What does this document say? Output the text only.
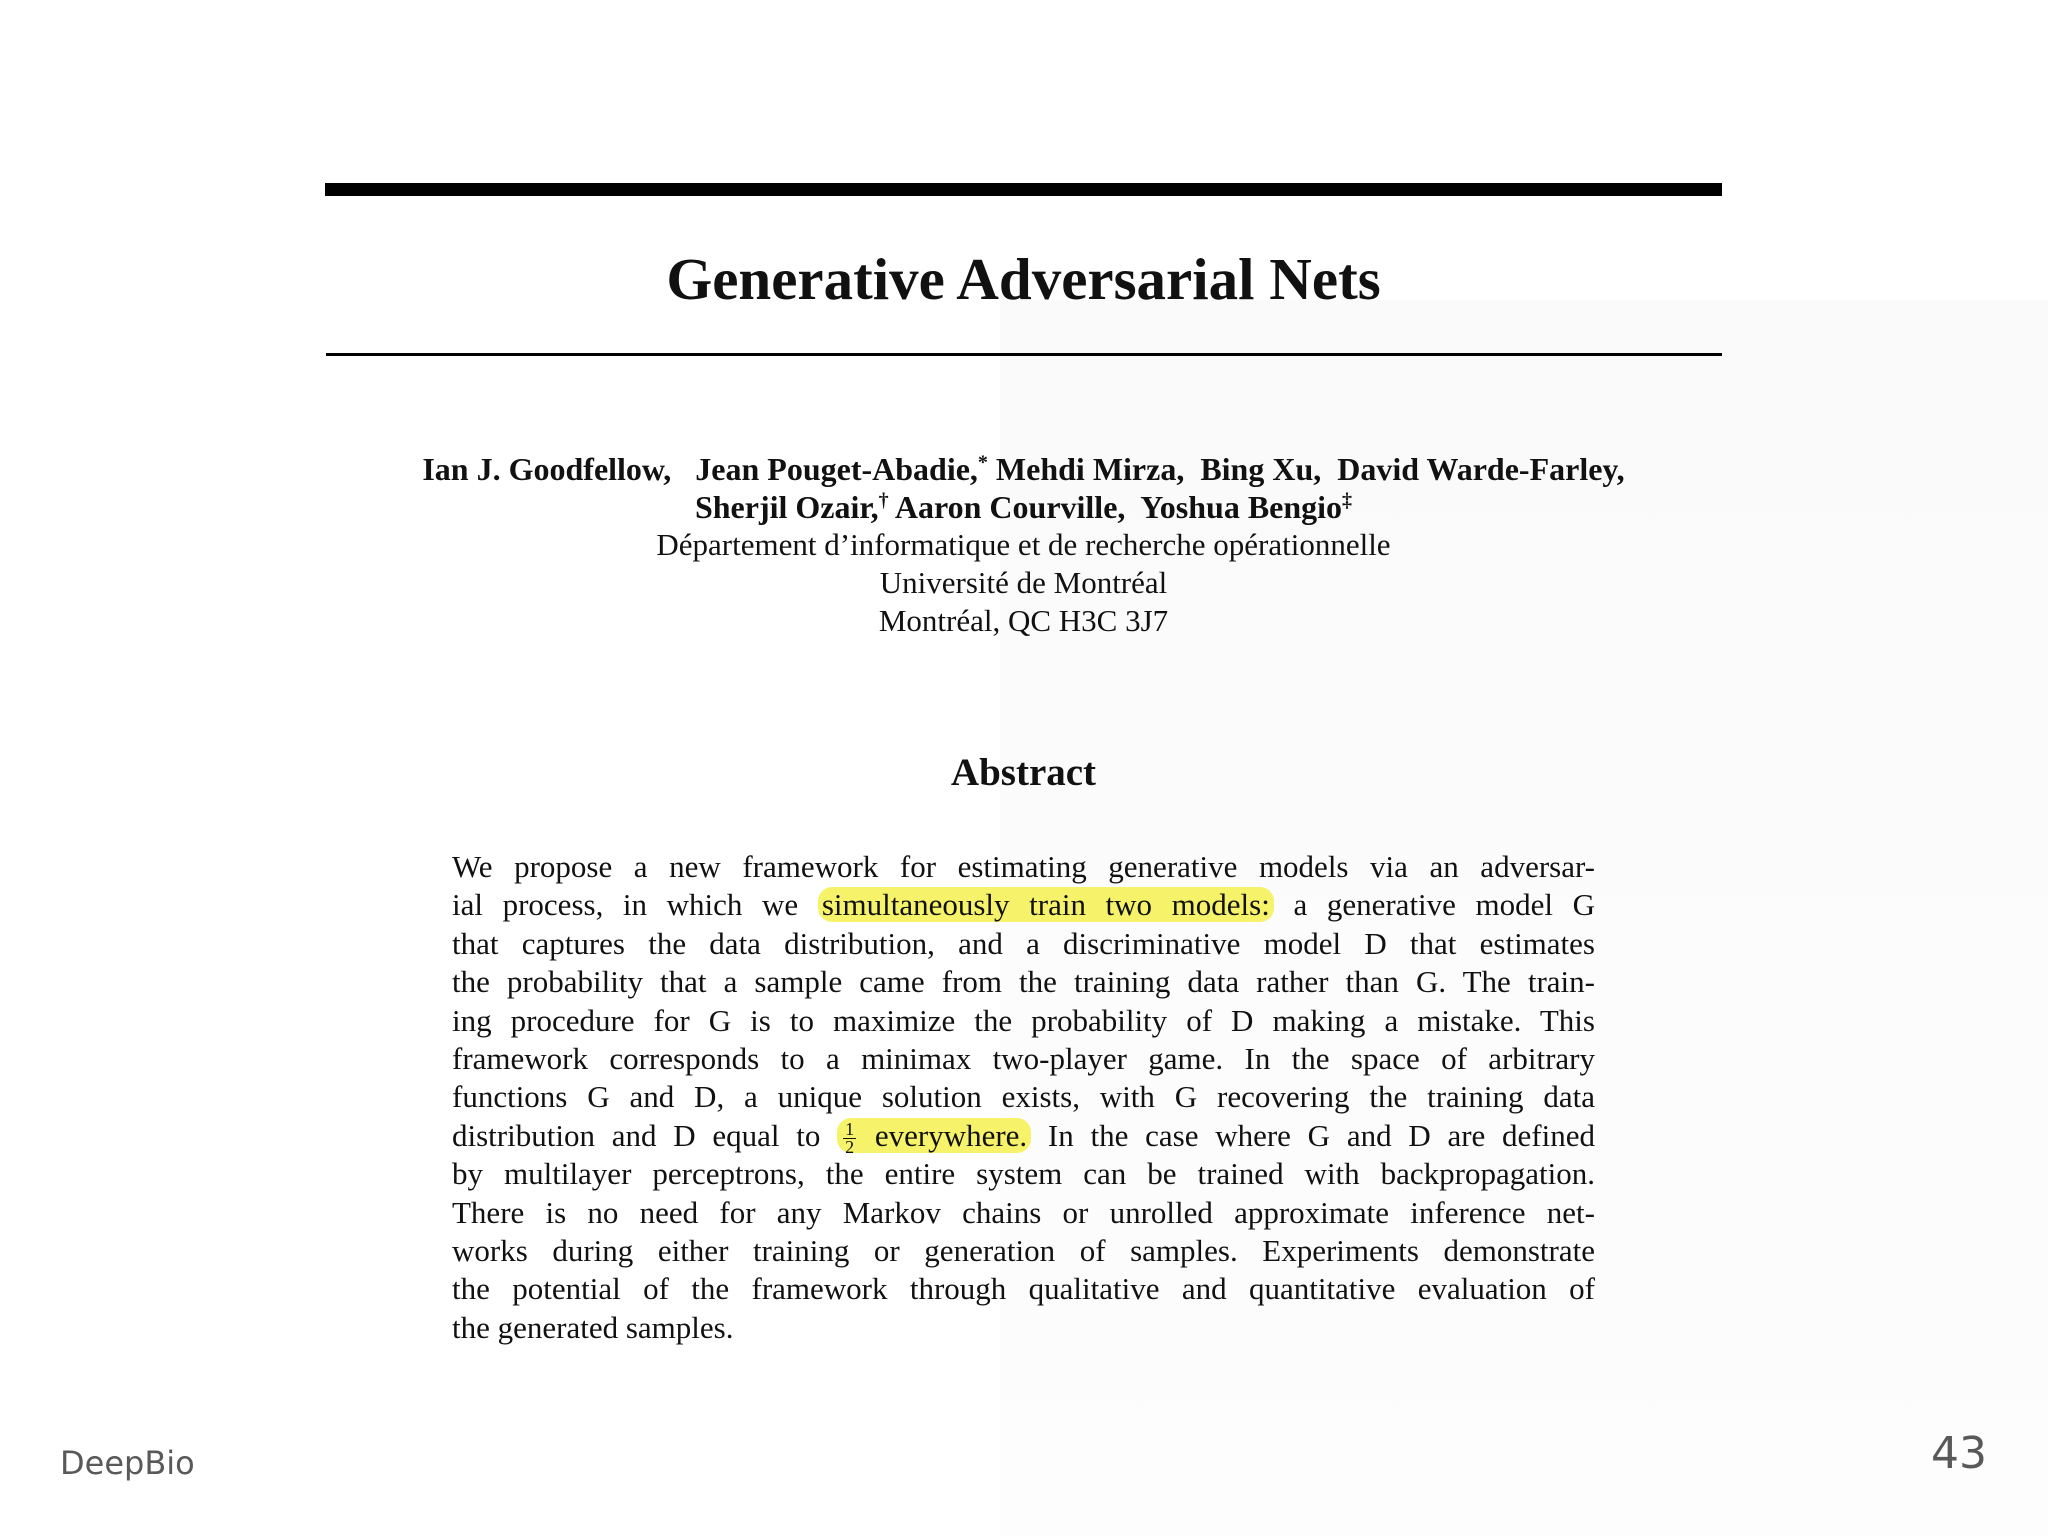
Generative Adversarial Nets
Ian J. Goodfellow, Jean Pouget-Abadie,* Mehdi Mirza, Bing Xu, David Warde-Farley,
Sherjil Ozair,† Aaron Courville, Yoshua Bengio‡
Département d’informatique et de recherche opérationnelle
Université de Montréal
Montréal, QC H3C 3J7
Abstract
We propose a new framework for estimating generative models via an adversar-
ial process, in which we simultaneously train two models: a generative model G
that captures the data distribution, and a discriminative model D that estimates
the probability that a sample came from the training data rather than G. The train-
ing procedure for G is to maximize the probability of D making a mistake. This
framework corresponds to a minimax two-player game. In the space of arbitrary
functions G and D, a unique solution exists, with G recovering the training data
distribution and D equal to $\frac{1}{2}$ everywhere. In the case where G and D are defined
by multilayer perceptrons, the entire system can be trained with backpropagation.
There is no need for any Markov chains or unrolled approximate inference net-
works during either training or generation of samples. Experiments demonstrate
the potential of the framework through qualitative and quantitative evaluation of
the generated samples.
DeepBio	43
